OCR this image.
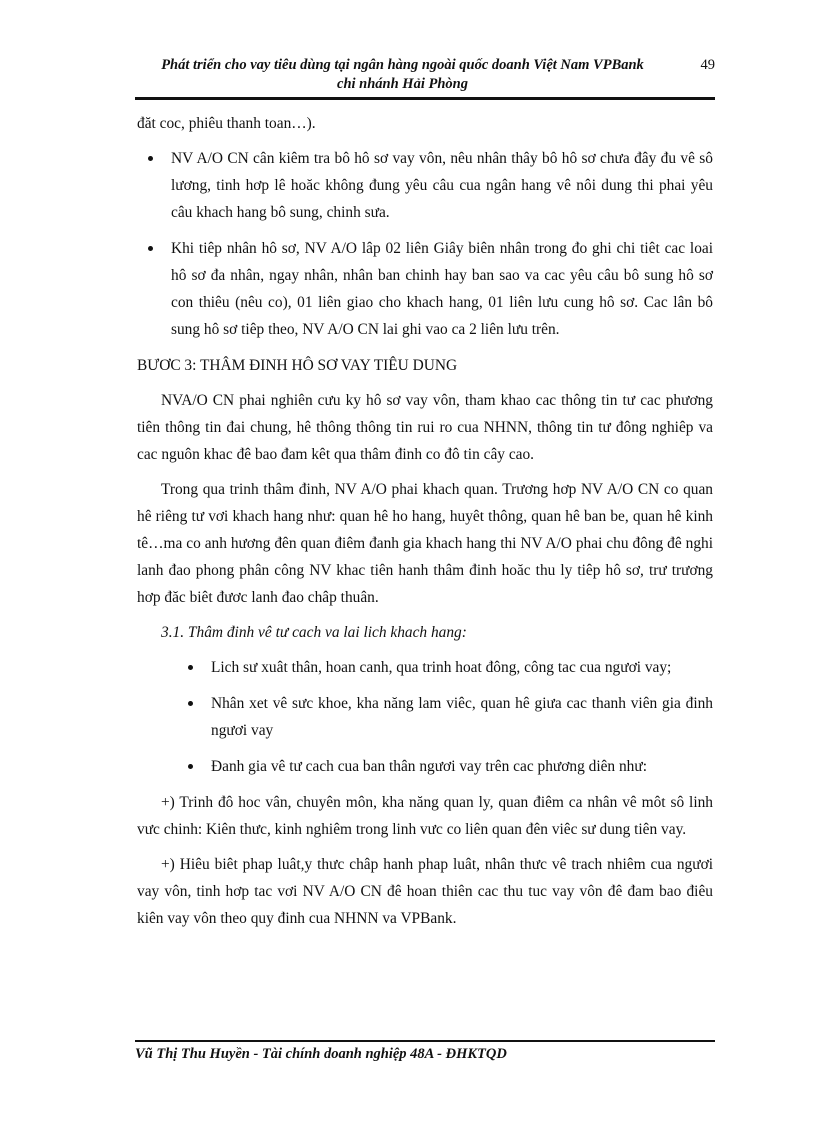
Phát triển cho vay tiêu dùng tại ngân hàng ngoài quốc doanh Việt Nam VPBank
chi nhánh Hải Phòng
49

đăt coc, phiêu thanh toan…).

NV A/O CN cân kiêm tra bô hô sơ vay vôn, nêu nhân thây bô hô sơ chưa đây đu vê sô lương, tinh hơp lê hoăc không đung yêu câu cua ngân hang vê nôi dung thi phai yêu câu khach hang bô sung, chinh sưa.
Khi tiêp nhân hô sơ, NV A/O lâp 02 liên Giây biên nhân trong đo ghi chi tiêt cac loai hô sơ đa nhân, ngay nhân, nhân ban chinh hay ban sao va cac yêu câu bô sung hô sơ con thiêu (nêu co), 01 liên giao cho khach hang, 01 liên lưu cung hô sơ. Cac lân bô sung hô sơ tiêp theo, NV A/O CN lai ghi vao ca 2 liên lưu trên.

BƯƠC 3: THÂM ĐINH HÔ SƠ VAY TIÊU DUNG

NVA/O CN phai nghiên cưu ky hô sơ vay vôn, tham khao cac thông tin tư cac phương tiên thông tin đai chung, hê thông thông tin rui ro cua NHNN, thông tin tư đông nghiêp va cac nguôn khac đê bao đam kêt qua thâm đinh co đô tin cây cao.

Trong qua trinh thâm đinh, NV A/O phai khach quan. Trương hơp NV A/O CN co quan hê riêng tư vơi khach hang như: quan hê ho hang, huyêt thông, quan hê ban be, quan hê kinh tê…ma co anh hương đên quan điêm đanh gia khach hang thi NV A/O phai chu đông đê nghi lanh đao phong phân công NV khac tiên hanh thâm đinh hoăc thu ly tiêp hô sơ, trư trương hơp đăc biêt đươc lanh đao châp thuân.

3.1. Thâm đinh vê tư cach va lai lich khach hang:

Lich sư xuât thân, hoan canh, qua trinh hoat đông, công tac cua ngươi vay;
Nhân xet vê sưc khoe, kha năng lam viêc, quan hê giưa cac thanh viên gia đinh ngươi vay
Đanh gia vê tư cach cua ban thân ngươi vay trên cac phương diên như:

+) Trinh đô hoc vân, chuyên môn, kha năng quan ly, quan điêm ca nhân vê môt sô linh vưc chinh: Kiên thưc, kinh nghiêm trong linh vưc co liên quan đên viêc sư dung tiên vay.

+) Hiêu biêt phap luât,y thưc châp hanh phap luât, nhân thưc vê trach nhiêm cua ngươi vay vôn, tinh hơp tac vơi NV A/O CN đê hoan thiên cac thu tuc vay vôn đê đam bao điêu kiên vay vôn theo quy đinh cua NHNN va VPBank.

Vũ Thị Thu Huyền - Tài chính doanh nghiệp 48A - ĐHKTQD
